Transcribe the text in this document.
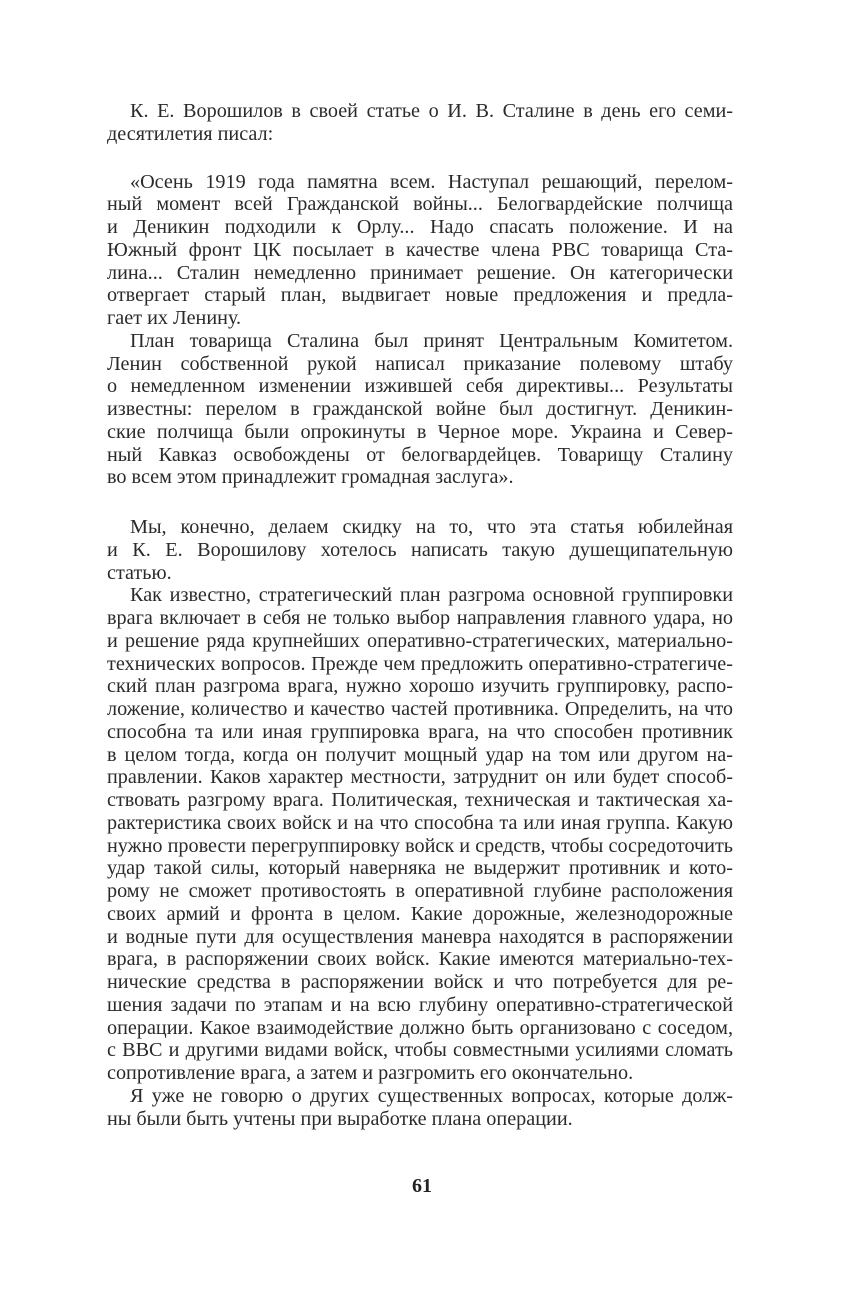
К. Е. Ворошилов в своей статье о И. В. Сталине в день его семи-
десятилетия писал:
«Осень 1919 года памятна всем. Наступал решающий, перелом-
ный момент всей Гражданской войны... Белогвардейские полчища
и Деникин подходили к Орлу... Надо спасать положение. И на
Южный фронт ЦК посылает в качестве члена РВС товарища Ста-
лина... Сталин немедленно принимает решение. Он категорически
отвергает старый план, выдвигает новые предложения и предла-
гает их Ленину.
План товарища Сталина был принят Центральным Комитетом.
Ленин собственной рукой написал приказание полевому штабу
о немедленном изменении изжившей себя директивы... Результаты
известны: перелом в гражданской войне был достигнут. Деникин-
ские полчища были опрокинуты в Черное море. Украина и Север-
ный Кавказ освобождены от белогвардейцев. Товарищу Сталину
во всем этом принадлежит громадная заслуга».
Мы, конечно, делаем скидку на то, что эта статья юбилейная
и К. Е. Ворошилову хотелось написать такую душещипательную
статью.
Как известно, стратегический план разгрома основной группировки
врага включает в себя не только выбор направления главного удара, но
и решение ряда крупнейших оперативно-стратегических, материально-
технических вопросов. Прежде чем предложить оперативно-стратегиче-
ский план разгрома врага, нужно хорошо изучить группировку, распо-
ложение, количество и качество частей противника. Определить, на что
способна та или иная группировка врага, на что способен противник
в целом тогда, когда он получит мощный удар на том или другом на-
правлении. Каков характер местности, затруднит он или будет способ-
ствовать разгрому врага. Политическая, техническая и тактическая ха-
рактеристика своих войск и на что способна та или иная группа. Какую
нужно провести перегруппировку войск и средств, чтобы сосредоточить
удар такой силы, который наверняка не выдержит противник и кото-
рому не сможет противостоять в оперативной глубине расположения
своих армий и фронта в целом. Какие дорожные, железнодорожные
и водные пути для осуществления маневра находятся в распоряжении
врага, в распоряжении своих войск. Какие имеются материально-тех-
нические средства в распоряжении войск и что потребуется для ре-
шения задачи по этапам и на всю глубину оперативно-стратегической
операции. Какое взаимодействие должно быть организовано с соседом,
с ВВС и другими видами войск, чтобы совместными усилиями сломать
сопротивление врага, а затем и разгромить его окончательно.
Я уже не говорю о других существенных вопросах, которые долж-
ны были быть учтены при выработке плана операции.
61
